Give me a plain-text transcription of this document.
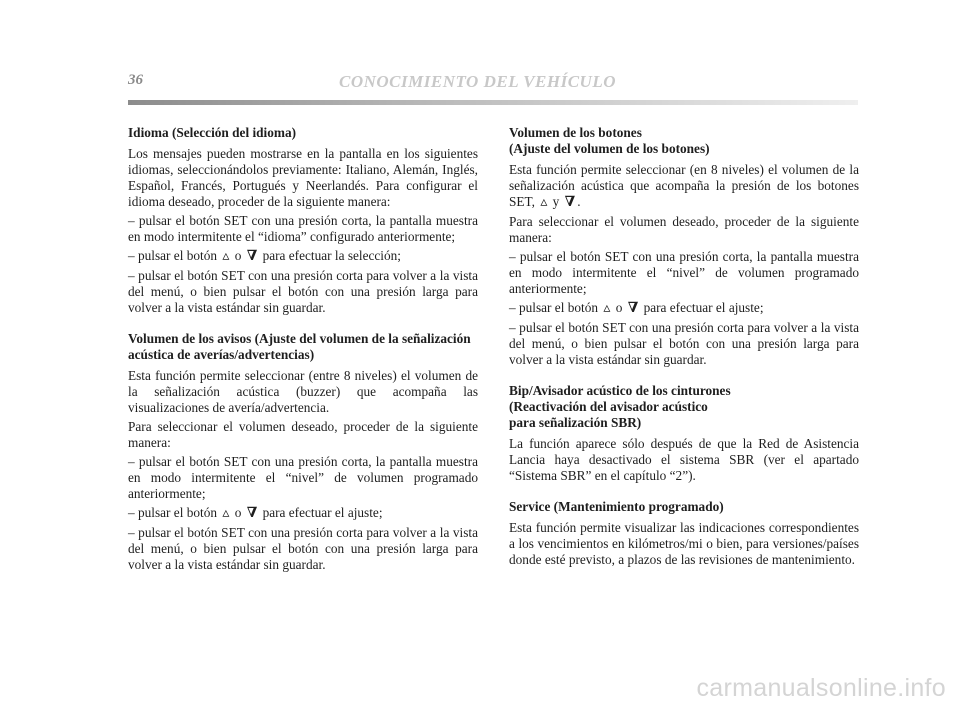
36	CONOCIMIENTO DEL VEHÍCULO
Idioma (Selección del idioma)

Los mensajes pueden mostrarse en la pantalla en los siguientes idiomas, seleccionándolos previamente: Italiano, Alemán, Inglés, Español, Francés, Portugués y Neerlandés. Para configurar el idioma deseado, proceder de la siguiente manera:

– pulsar el botón SET con una presión corta, la pantalla muestra en modo intermitente el “idioma” configurado anteriormente;

– pulsar el botón ▵ o ∇ para efectuar la selección;

– pulsar el botón SET con una presión corta para volver a la vista del menú, o bien pulsar el botón con una presión larga para volver a la vista estándar sin guardar.

Volumen de los avisos (Ajuste del volumen de la señalización acústica de averías/advertencias)

Esta función permite seleccionar (entre 8 niveles) el volumen de la señalización acústica (buzzer) que acompaña las visualizaciones de avería/advertencia.

Para seleccionar el volumen deseado, proceder de la siguiente manera:

– pulsar el botón SET con una presión corta, la pantalla muestra en modo intermitente el “nivel” de volumen programado anteriormente;

– pulsar el botón ▵ o ∇ para efectuar el ajuste;

– pulsar el botón SET con una presión corta para volver a la vista del menú, o bien pulsar el botón con una presión larga para volver a la vista estándar sin guardar.

Volumen de los botones
(Ajuste del volumen de los botones)

Esta función permite seleccionar (en 8 niveles) el volumen de la señalización acústica que acompaña la presión de los botones SET, ▵ y ∇ .

Para seleccionar el volumen deseado, proceder de la siguiente manera:

– pulsar el botón SET con una presión corta, la pantalla muestra en modo intermitente el “nivel” de volumen programado anteriormente;

– pulsar el botón ▵ o ∇ para efectuar el ajuste;

– pulsar el botón SET con una presión corta para volver a la vista del menú, o bien pulsar el botón con una presión larga para volver a la vista estándar sin guardar.

Bip/Avisador acústico de los cinturones
(Reactivación del avisador acústico
para señalización SBR)

La función aparece sólo después de que la Red de Asistencia Lancia haya desactivado el sistema SBR (ver el apartado “Sistema SBR” en el capítulo “2”).

Service (Mantenimiento programado)

Esta función permite visualizar las indicaciones correspondientes a los vencimientos en kilómetros/mi o bien, para versiones/países donde esté previsto, a plazos de las revisiones de mantenimiento.

carmanualsonline.info
